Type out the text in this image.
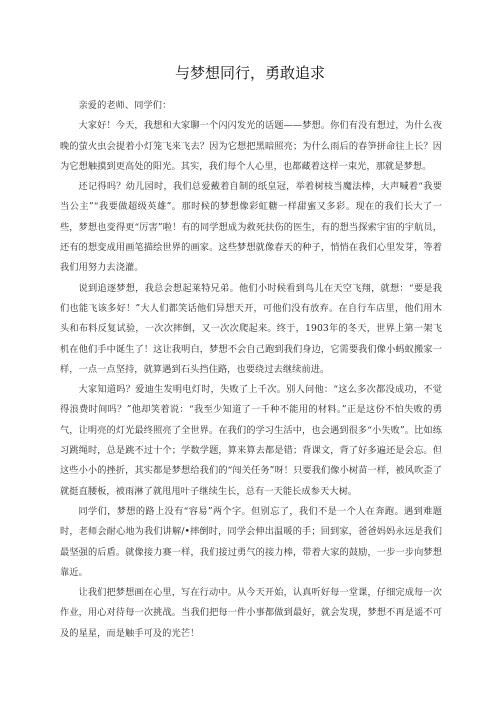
与梦想同行，勇敢追求

亲爱的老师、同学们：

大家好！今天，我想和大家聊一个闪闪发光的话题——梦想。你们有没有想过，为什么夜晚的萤火虫会提着小灯笼飞来飞去？因为它想把黑暗照亮；为什么雨后的春笋拼命往上长？因为它想触摸到更高处的阳光。其实，我们每个人心里，也都藏着这样一束光，那就是梦想。

还记得吗？幼儿园时，我们总爱戴着自制的纸皇冠，举着树枝当魔法棒，大声喊着“我要当公主”“我要做超级英雄”。那时候的梦想像彩虹糖一样甜蜜又多彩。现在的我们长大了一些，梦想也变得更“厉害”啦！有的同学想成为救死扶伤的医生，有的想当探索宇宙的宇航员，还有的想变成用画笔描绘世界的画家。这些梦想就像春天的种子，悄悄在我们心里发芽，等着我们用努力去浇灌。

说到追逐梦想，我总会想起莱特兄弟。他们小时候看到鸟儿在天空飞翔，就想：“要是我们也能飞该多好！”大人们都笑话他们异想天开，可他们没有放弃。在自行车店里，他们用木头和布料反复试验，一次次摔倒，又一次次爬起来。终于，1903年的冬天，世界上第一架飞机在他们手中诞生了！这让我明白，梦想不会自己跑到我们身边，它需要我们像小蚂蚁搬家一样，一点一点坚持，就算遇到石头挡住路，也要绕过去继续前进。

大家知道吗？爱迪生发明电灯时，失败了上千次。别人问他：“这么多次都没成功，不觉得浪费时间吗？”他却笑着说：“我至少知道了一千种不能用的材料。”正是这份不怕失败的勇气，让明亮的灯光最终照亮了全世界。在我们的学习生活中，也会遇到很多“小失败”。比如练习跳绳时，总是跳不过十个；学数学题，算来算去都是错；背课文，背了好多遍还是会忘。但这些小小的挫折，其实都是梦想给我们的“闯关任务”呀！只要我们像小树苗一样，被风吹歪了就挺直腰板，被雨淋了就甩甩叶子继续生长，总有一天能长成参天大树。

同学们，梦想的路上没有“容易”两个字。但别忘了，我们不是一个人在奔跑。遇到难题时，老师会耐心地为我们讲解/•摔倒时，同学会伸出温暖的手；回到家，爸爸妈妈永远是我们最坚强的后盾。就像接力赛一样，我们接过勇气的接力棒，带着大家的鼓励，一步一步向梦想靠近。

让我们把梦想画在心里，写在行动中。从今天开始，认真听好每一堂课，仔细完成每一次作业，用心对待每一次挑战。当我们把每一件小事都做到最好，就会发现，梦想不再是遥不可及的星星，而是触手可及的光芒！
